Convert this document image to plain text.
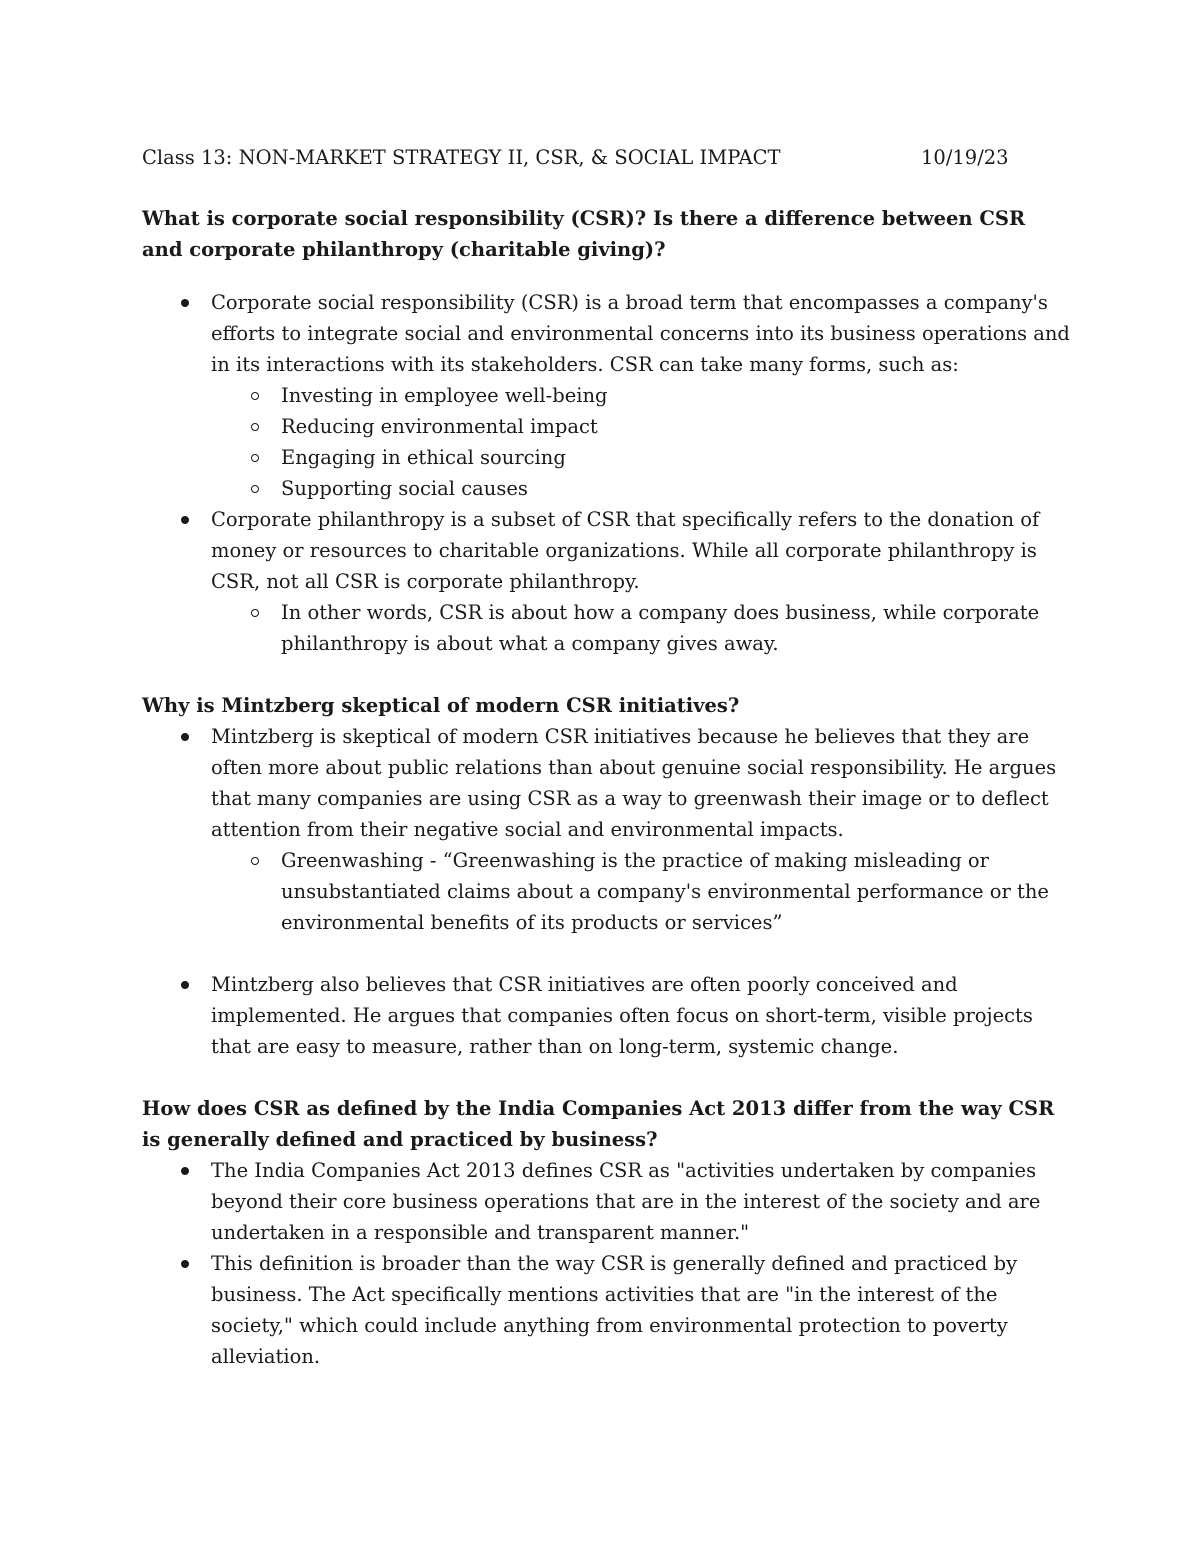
Class 13: NON-MARKET STRATEGY II, CSR, & SOCIAL IMPACT	10/19/23

What is corporate social responsibility (CSR)? Is there a difference between CSR and corporate philanthropy (charitable giving)?

Corporate social responsibility (CSR) is a broad term that encompasses a company's efforts to integrate social and environmental concerns into its business operations and in its interactions with its stakeholders. CSR can take many forms, such as:
Investing in employee well-being
Reducing environmental impact
Engaging in ethical sourcing
Supporting social causes
Corporate philanthropy is a subset of CSR that specifically refers to the donation of money or resources to charitable organizations. While all corporate philanthropy is CSR, not all CSR is corporate philanthropy.
In other words, CSR is about how a company does business, while corporate philanthropy is about what a company gives away.

Why is Mintzberg skeptical of modern CSR initiatives?

Mintzberg is skeptical of modern CSR initiatives because he believes that they are often more about public relations than about genuine social responsibility. He argues that many companies are using CSR as a way to greenwash their image or to deflect attention from their negative social and environmental impacts.
Greenwashing - “Greenwashing is the practice of making misleading or unsubstantiated claims about a company's environmental performance or the environmental benefits of its products or services”
Mintzberg also believes that CSR initiatives are often poorly conceived and implemented. He argues that companies often focus on short-term, visible projects that are easy to measure, rather than on long-term, systemic change.

How does CSR as defined by the India Companies Act 2013 differ from the way CSR is generally defined and practiced by business?

The India Companies Act 2013 defines CSR as "activities undertaken by companies beyond their core business operations that are in the interest of the society and are undertaken in a responsible and transparent manner."
This definition is broader than the way CSR is generally defined and practiced by business. The Act specifically mentions activities that are "in the interest of the society," which could include anything from environmental protection to poverty alleviation.
